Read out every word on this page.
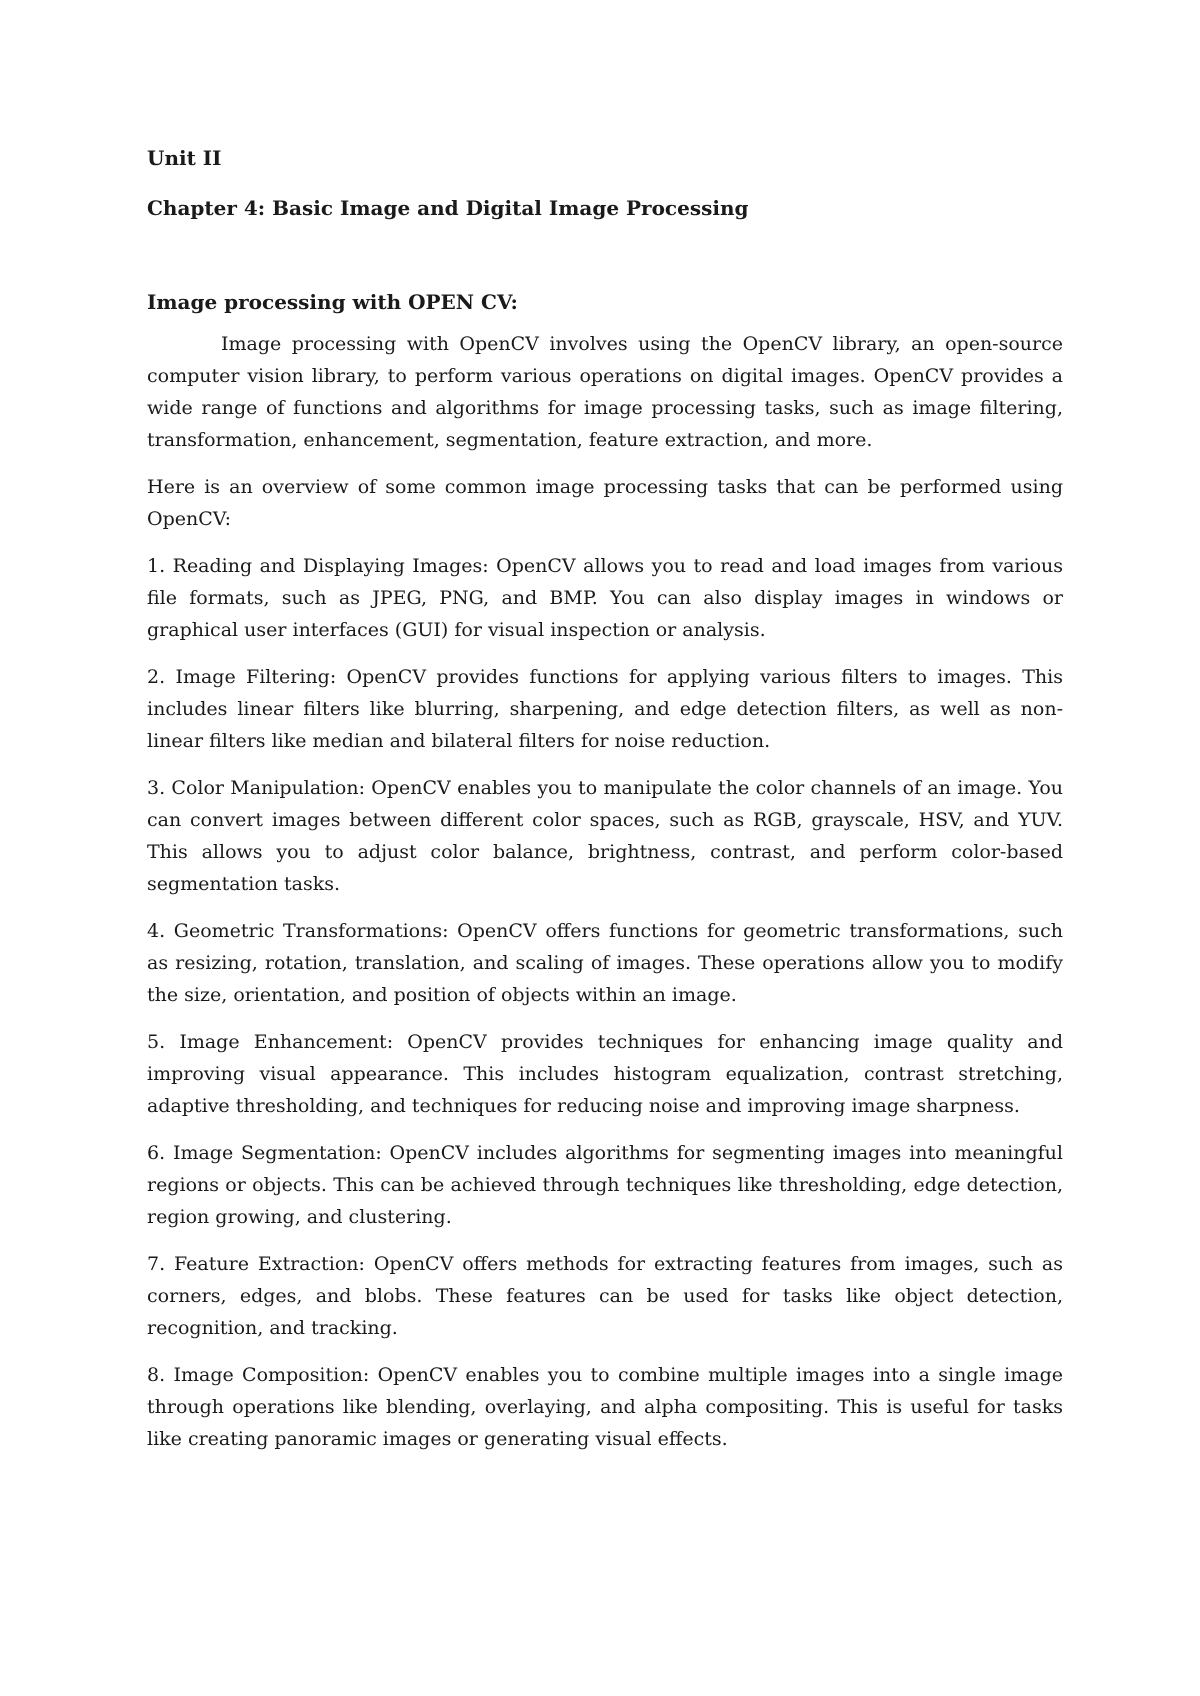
Unit II
Chapter 4: Basic Image and Digital Image Processing
Image processing with OPEN CV:

Image processing with OpenCV involves using the OpenCV library, an open-source computer vision library, to perform various operations on digital images. OpenCV provides a wide range of functions and algorithms for image processing tasks, such as image filtering, transformation, enhancement, segmentation, feature extraction, and more.

Here is an overview of some common image processing tasks that can be performed using OpenCV:

1. Reading and Displaying Images: OpenCV allows you to read and load images from various file formats, such as JPEG, PNG, and BMP. You can also display images in windows or graphical user interfaces (GUI) for visual inspection or analysis.

2. Image Filtering: OpenCV provides functions for applying various filters to images. This includes linear filters like blurring, sharpening, and edge detection filters, as well as non-linear filters like median and bilateral filters for noise reduction.

3. Color Manipulation: OpenCV enables you to manipulate the color channels of an image. You can convert images between different color spaces, such as RGB, grayscale, HSV, and YUV. This allows you to adjust color balance, brightness, contrast, and perform color-based segmentation tasks.

4. Geometric Transformations: OpenCV offers functions for geometric transformations, such as resizing, rotation, translation, and scaling of images. These operations allow you to modify the size, orientation, and position of objects within an image.

5. Image Enhancement: OpenCV provides techniques for enhancing image quality and improving visual appearance. This includes histogram equalization, contrast stretching, adaptive thresholding, and techniques for reducing noise and improving image sharpness.

6. Image Segmentation: OpenCV includes algorithms for segmenting images into meaningful regions or objects. This can be achieved through techniques like thresholding, edge detection, region growing, and clustering.

7. Feature Extraction: OpenCV offers methods for extracting features from images, such as corners, edges, and blobs. These features can be used for tasks like object detection, recognition, and tracking.

8. Image Composition: OpenCV enables you to combine multiple images into a single image through operations like blending, overlaying, and alpha compositing. This is useful for tasks like creating panoramic images or generating visual effects.
